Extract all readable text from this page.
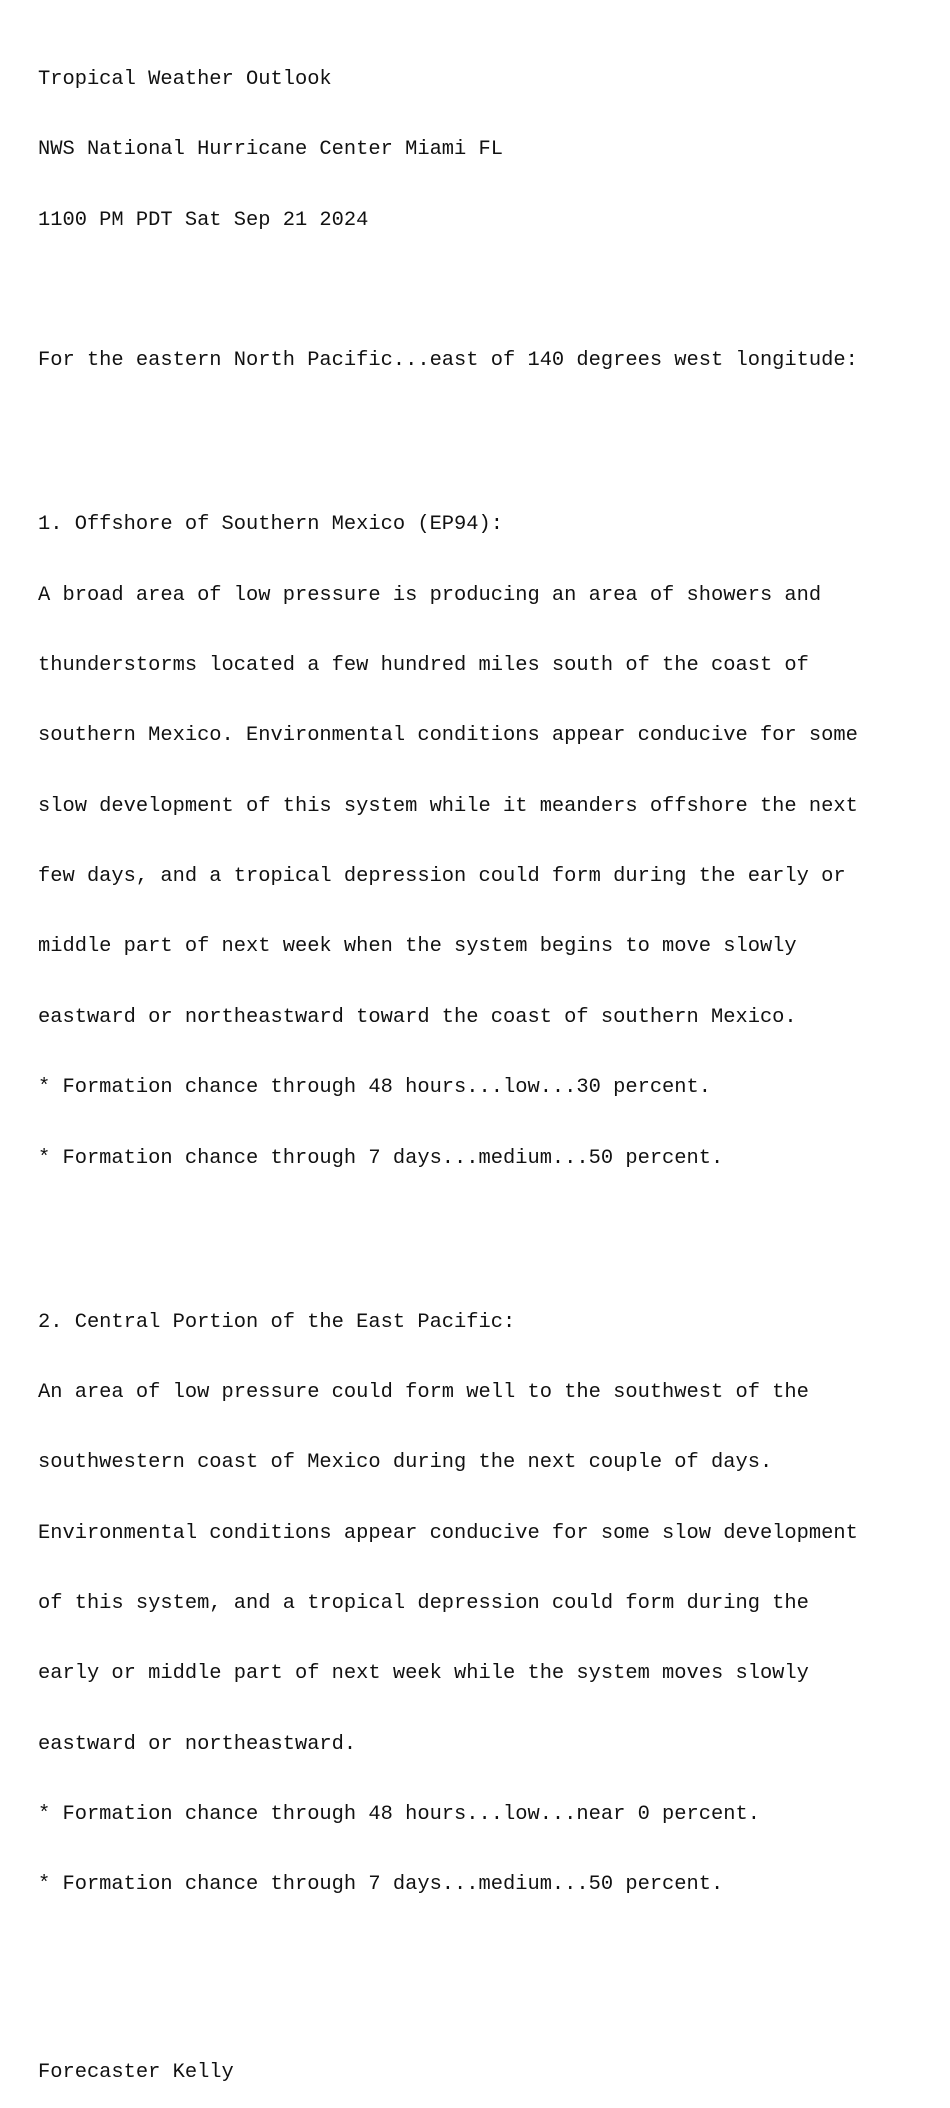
Tropical Weather Outlook

NWS National Hurricane Center Miami FL

1100 PM PDT Sat Sep 21 2024

For the eastern North Pacific...east of 140 degrees west longitude:

1. Offshore of Southern Mexico (EP94):

A broad area of low pressure is producing an area of showers and

thunderstorms located a few hundred miles south of the coast of

southern Mexico. Environmental conditions appear conducive for some

slow development of this system while it meanders offshore the next

few days, and a tropical depression could form during the early or

middle part of next week when the system begins to move slowly

eastward or northeastward toward the coast of southern Mexico.

* Formation chance through 48 hours...low...30 percent.

* Formation chance through 7 days...medium...50 percent.

2. Central Portion of the East Pacific:

An area of low pressure could form well to the southwest of the

southwestern coast of Mexico during the next couple of days.

Environmental conditions appear conducive for some slow development

of this system, and a tropical depression could form during the

early or middle part of next week while the system moves slowly

eastward or northeastward.

* Formation chance through 48 hours...low...near 0 percent.

* Formation chance through 7 days...medium...50 percent.

Forecaster Kelly
